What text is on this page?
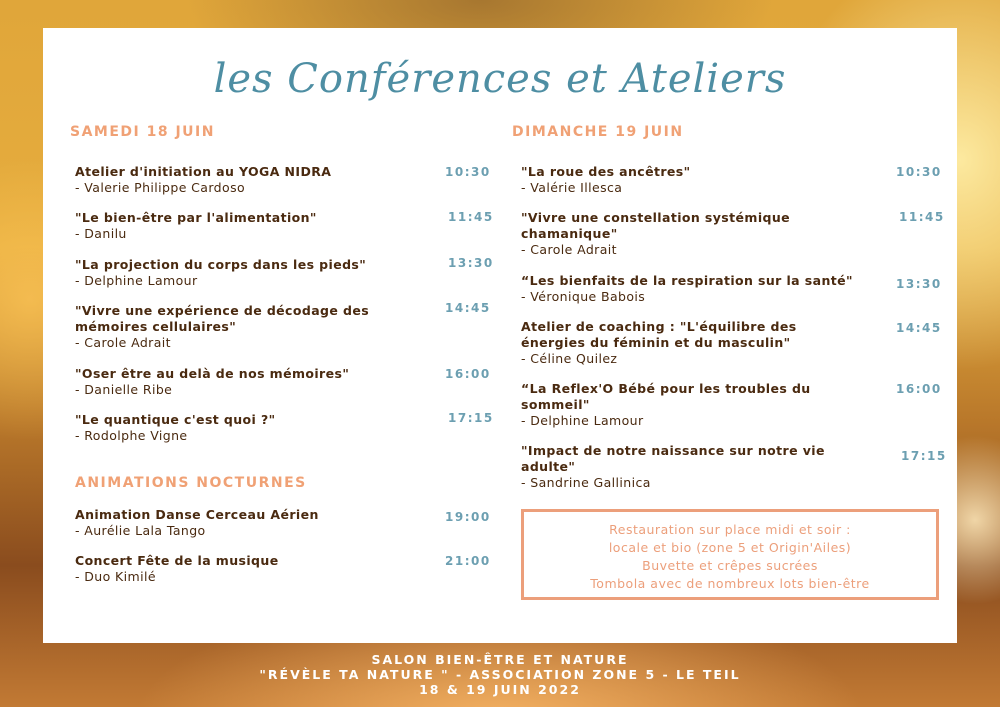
les Conférences et Ateliers
SAMEDI 18 JUIN
Atelier d'initiation au YOGA NIDRA
- Valerie Philippe Cardoso
10:30
"Le bien-être par l'alimentation"
- Danilu
11:45
"La projection du corps dans les pieds"
- Delphine Lamour
13:30
"Vivre une expérience de décodage des mémoires cellulaires"
- Carole Adrait
14:45
"Oser être au delà de nos mémoires"
- Danielle Ribe
16:00
"Le quantique c'est quoi ?"
- Rodolphe Vigne
17:15
ANIMATIONS NOCTURNES
Animation Danse Cerceau Aérien
- Aurélie Lala Tango
19:00
Concert Fête de la musique
- Duo Kimilé
21:00
DIMANCHE 19 JUIN
"La roue des ancêtres"
- Valérie Illesca
10:30
"Vivre une constellation systémique chamanique"
- Carole Adrait
11:45
“Les bienfaits de la respiration sur la santé"
- Véronique Babois
13:30
Atelier de coaching : "L'équilibre des énergies du féminin et du masculin"
- Céline Quilez
14:45
“La Reflex'O Bébé pour les troubles du sommeil"
- Delphine Lamour
16:00
"Impact de notre naissance sur notre vie adulte"
- Sandrine Gallinica
17:15
Restauration sur place midi et soir :
locale et bio (zone 5 et Origin'Ailes)
Buvette et crêpes sucrées
Tombola avec de nombreux lots bien-être
SALON BIEN-ÊTRE ET NATURE
"RÉVÈLE TA NATURE " - ASSOCIATION ZONE 5 - LE TEIL
18 & 19 JUIN 2022
